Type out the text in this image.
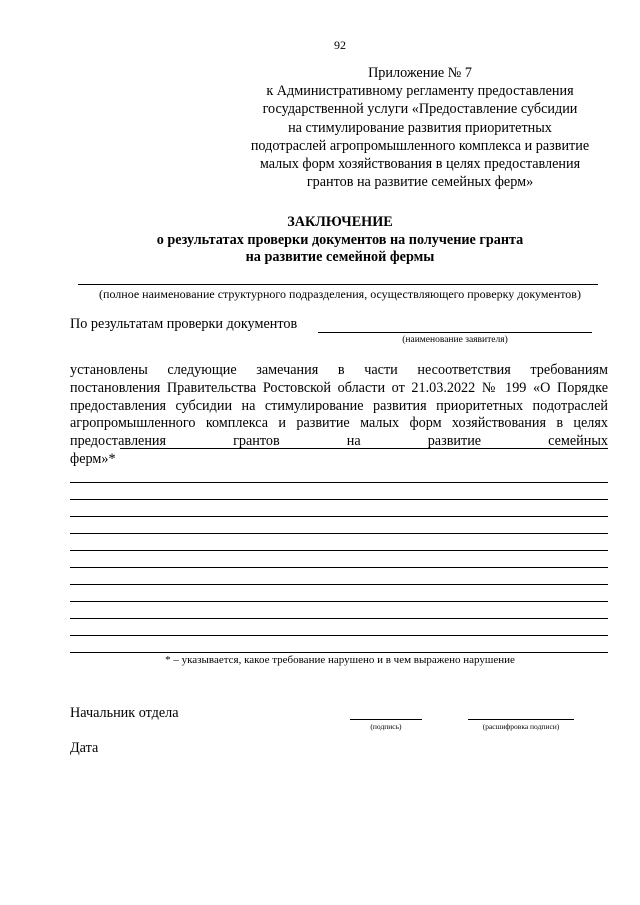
92
Приложение № 7
к Административному регламенту предоставления
государственной услуги «Предоставление субсидии
на стимулирование развития приоритетных
подотраслей агропромышленного комплекса и развитие
малых форм хозяйствования в целях предоставления
грантов на развитие семейных ферм»
ЗАКЛЮЧЕНИЕ
о результатах проверки документов на получение гранта
на развитие семейной фермы
(полное наименование структурного подразделения, осуществляющего проверку документов)
По результатам проверки документов
(наименование заявителя)
установлены следующие замечания в части несоответствия требованиям
постановления Правительства Ростовской области от 21.03.2022 № 199 «О Порядке
предоставления субсидии на стимулирование развития приоритетных подотраслей
агропромышленного комплекса и развитие малых форм хозяйствования в целях
предоставления грантов на развитие семейных
ферм»*
* – указывается, какое требование нарушено и в чем выражено нарушение
Начальник отдела
(подпись)	(расшифровка подписи)
Дата
